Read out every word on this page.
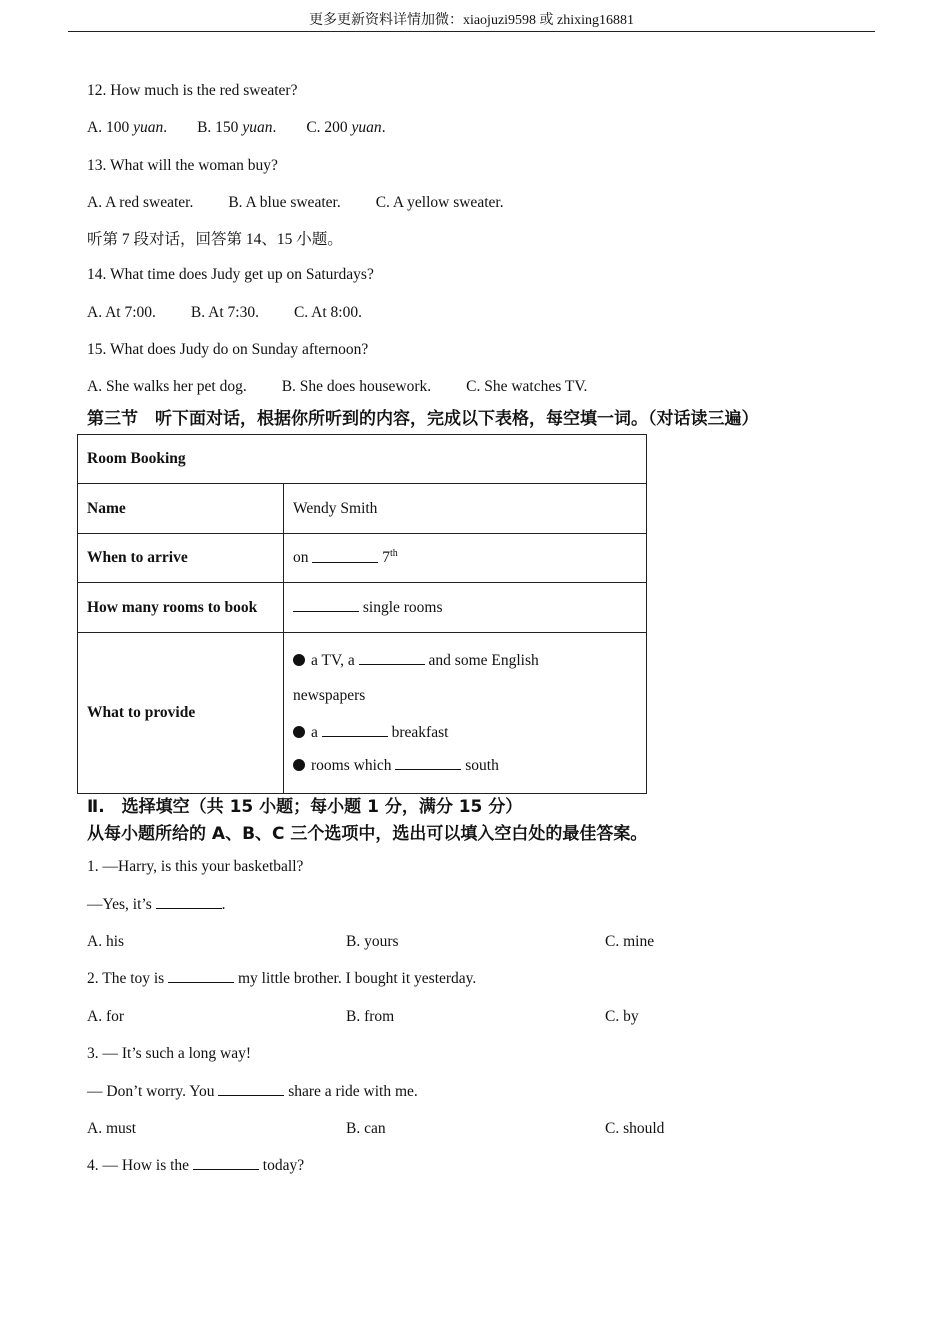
更多更新资料详情加微：xiaojuzi9598 或 zhixing16881
12. How much is the red sweater?
A. 100 yuan. B. 150 yuan. C. 200 yuan.
13. What will the woman buy?
A. A red sweater. B. A blue sweater. C. A yellow sweater.
听第 7 段对话，回答第 14、15 小题。
14. What time does Judy get up on Saturdays?
A. At 7:00. B. At 7:30. C. At 8:00.
15. What does Judy do on Sunday afternoon?
A. She walks her pet dog. B. She does housework. C. She watches TV.
第三节　听下面对话，根据你所听到的内容，完成以下表格，每空填一词。（对话读三遍）
Room Booking	
Name	Wendy Smith
When to arrive	on 7th
How many rooms to book	single rooms
What to provide	a TV, a and some English
newspapers
a breakfast
rooms which south
Ⅱ.　选择填空（共 15 小题；每小题 1 分，满分 15 分）
从每小题所给的 A、B、C 三个选项中，选出可以填入空白处的最佳答案。
1. —Harry, is this your basketball?
—Yes, it’s	.
A. his	B. yours	C. mine
2. The toy is	my little brother. I bought it yesterday.
A. for	B. from	C. by
3. — It’s such a long way!
— Don’t worry. You	share a ride with me.
A. must	B. can	C. should
4. — How is the	today?
